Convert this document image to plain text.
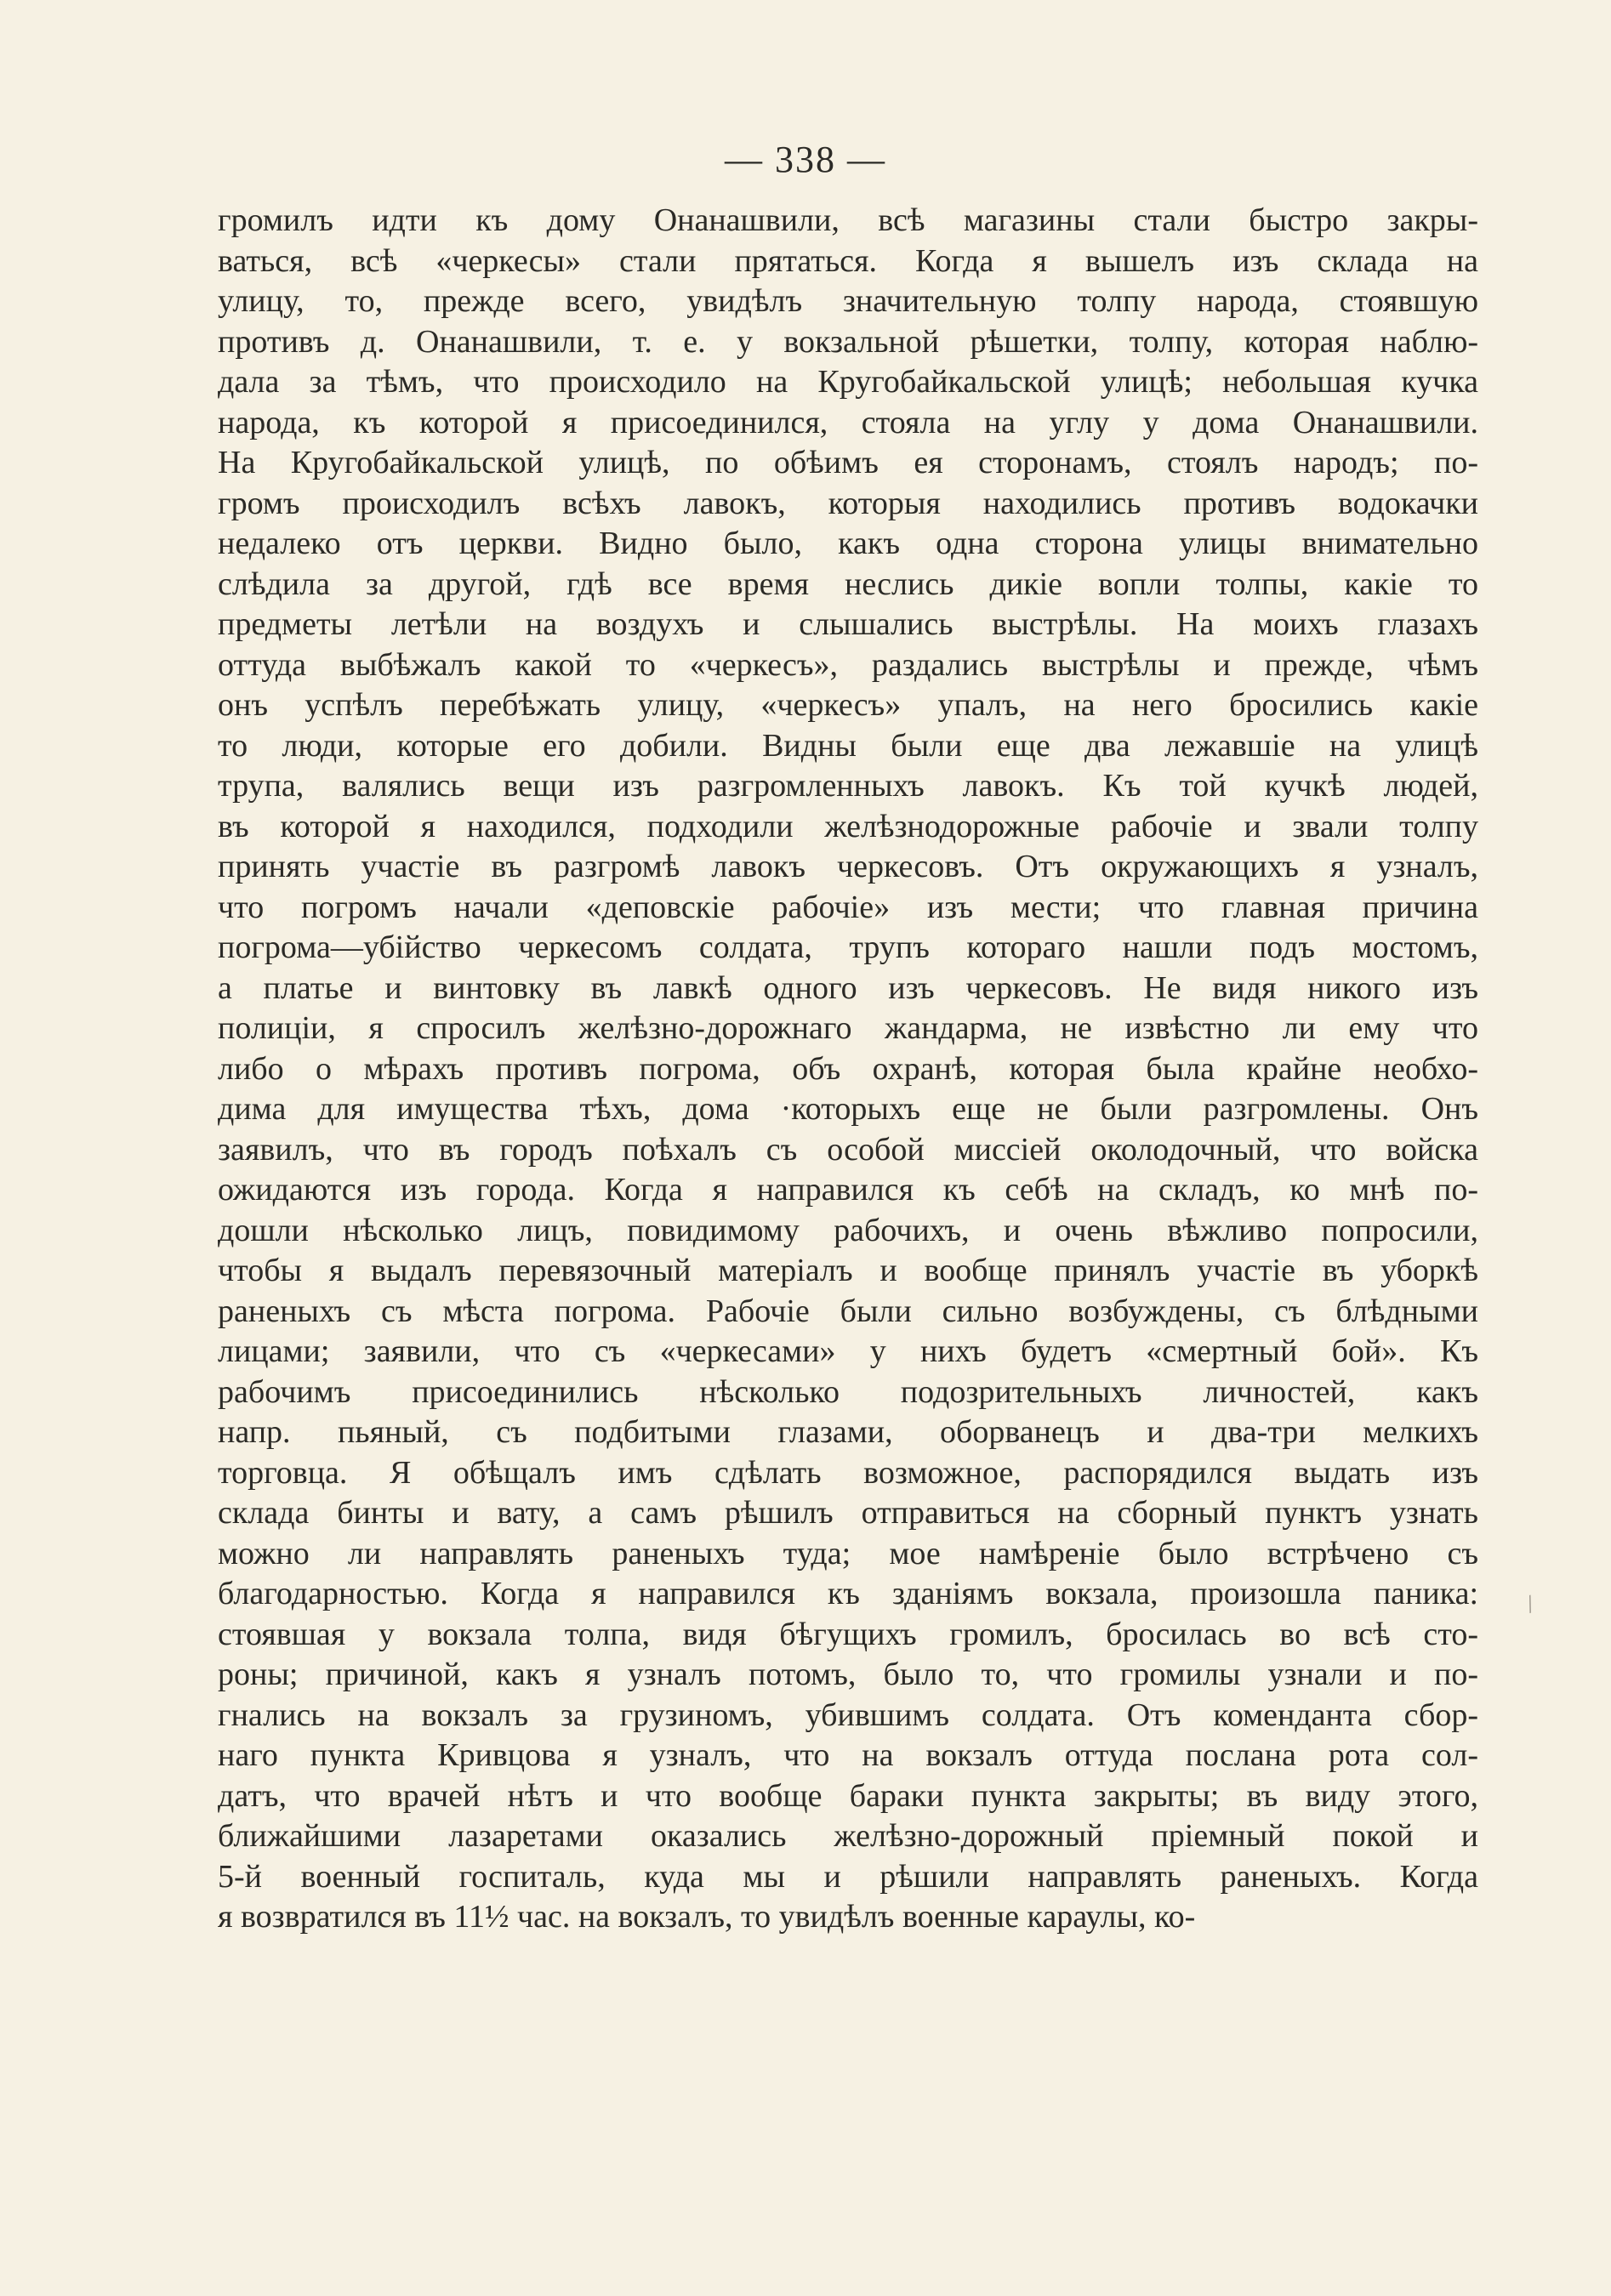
— 338 —
громилъ идти къ дому Онанашвили, всѣ магазины стали быстро закры-
ваться, всѣ «черкесы» стали прятаться. Когда я вышелъ изъ склада на
улицу, то, прежде всего, увидѣлъ значительную толпу народа, стоявшую
противъ д. Онанашвили, т. е. у вокзальной рѣшетки, толпу, которая наблю-
дала за тѣмъ, что происходило на Кругобайкальской улицѣ; небольшая кучка
народа, къ которой я присоединился, стояла на углу у дома Онанашвили.
На Кругобайкальской улицѣ, по обѣимъ ея сторонамъ, стоялъ народъ; по-
громъ происходилъ всѣхъ лавокъ, которыя находились противъ водокачки
недалеко отъ церкви. Видно было, какъ одна сторона улицы внимательно
слѣдила за другой, гдѣ все время неслись дикіе вопли толпы, какіе то
предметы летѣли на воздухъ и слышались выстрѣлы. На моихъ глазахъ
оттуда выбѣжалъ какой то «черкесъ», раздались выстрѣлы и прежде, чѣмъ
онъ успѣлъ перебѣжать улицу, «черкесъ» упалъ, на него бросились какіе
то люди, которые его добили. Видны были еще два лежавшіе на улицѣ
трупа, валялись вещи изъ разгромленныхъ лавокъ. Къ той кучкѣ людей,
въ которой я находился, подходили желѣзнодорожные рабочіе и звали толпу
принять участіе въ разгромѣ лавокъ черкесовъ. Отъ окружающихъ я узналъ,
что погромъ начали «деповскіе рабочіе» изъ мести; что главная причина
погрома—убійство черкесомъ солдата, трупъ котораго нашли подъ мостомъ,
а платье и винтовку въ лавкѣ одного изъ черкесовъ. Не видя никого изъ
полиціи, я спросилъ желѣзно-дорожнаго жандарма, не извѣстно ли ему что
либо о мѣрахъ противъ погрома, объ охранѣ, которая была крайне необхо-
дима для имущества тѣхъ, дома ·которыхъ еще не были разгромлены. Онъ
заявилъ, что въ городъ поѣхалъ съ особой миссіей околодочный, что войска
ожидаются изъ города. Когда я направился къ себѣ на складъ, ко мнѣ по-
дошли нѣсколько лицъ, повидимому рабочихъ, и очень вѣжливо попросили,
чтобы я выдалъ перевязочный матеріалъ и вообще принялъ участіе въ уборкѣ
раненыхъ съ мѣста погрома. Рабочіе были сильно возбуждены, съ блѣдными
лицами; заявили, что съ «черкесами» у нихъ будетъ «смертный бой». Къ
рабочимъ присоединились нѣсколько подозрительныхъ личностей, какъ
напр. пьяный, съ подбитыми глазами, оборванецъ и два-три мелкихъ
торговца. Я обѣщалъ имъ сдѣлать возможное, распорядился выдать изъ
склада бинты и вату, а самъ рѣшилъ отправиться на сборный пунктъ узнать
можно ли направлять раненыхъ туда; мое намѣреніе было встрѣчено съ
благодарностью. Когда я направился къ зданіямъ вокзала, произошла паника:
стоявшая у вокзала толпа, видя бѣгущихъ громилъ, бросилась во всѣ сто-
роны; причиной, какъ я узналъ потомъ, было то, что громилы узнали и по-
гнались на вокзалъ за грузиномъ, убившимъ солдата. Отъ коменданта сбор-
наго пункта Кривцова я узналъ, что на вокзалъ оттуда послана рота сол-
датъ, что врачей нѣтъ и что вообще бараки пункта закрыты; въ виду этого,
ближайшими лазаретами оказались желѣзно-дорожный пріемный покой и
5-й военный госпиталь, куда мы и рѣшили направлять раненыхъ. Когда
я возвратился въ 11½ час. на вокзалъ, то увидѣлъ военные караулы, ко-
/
